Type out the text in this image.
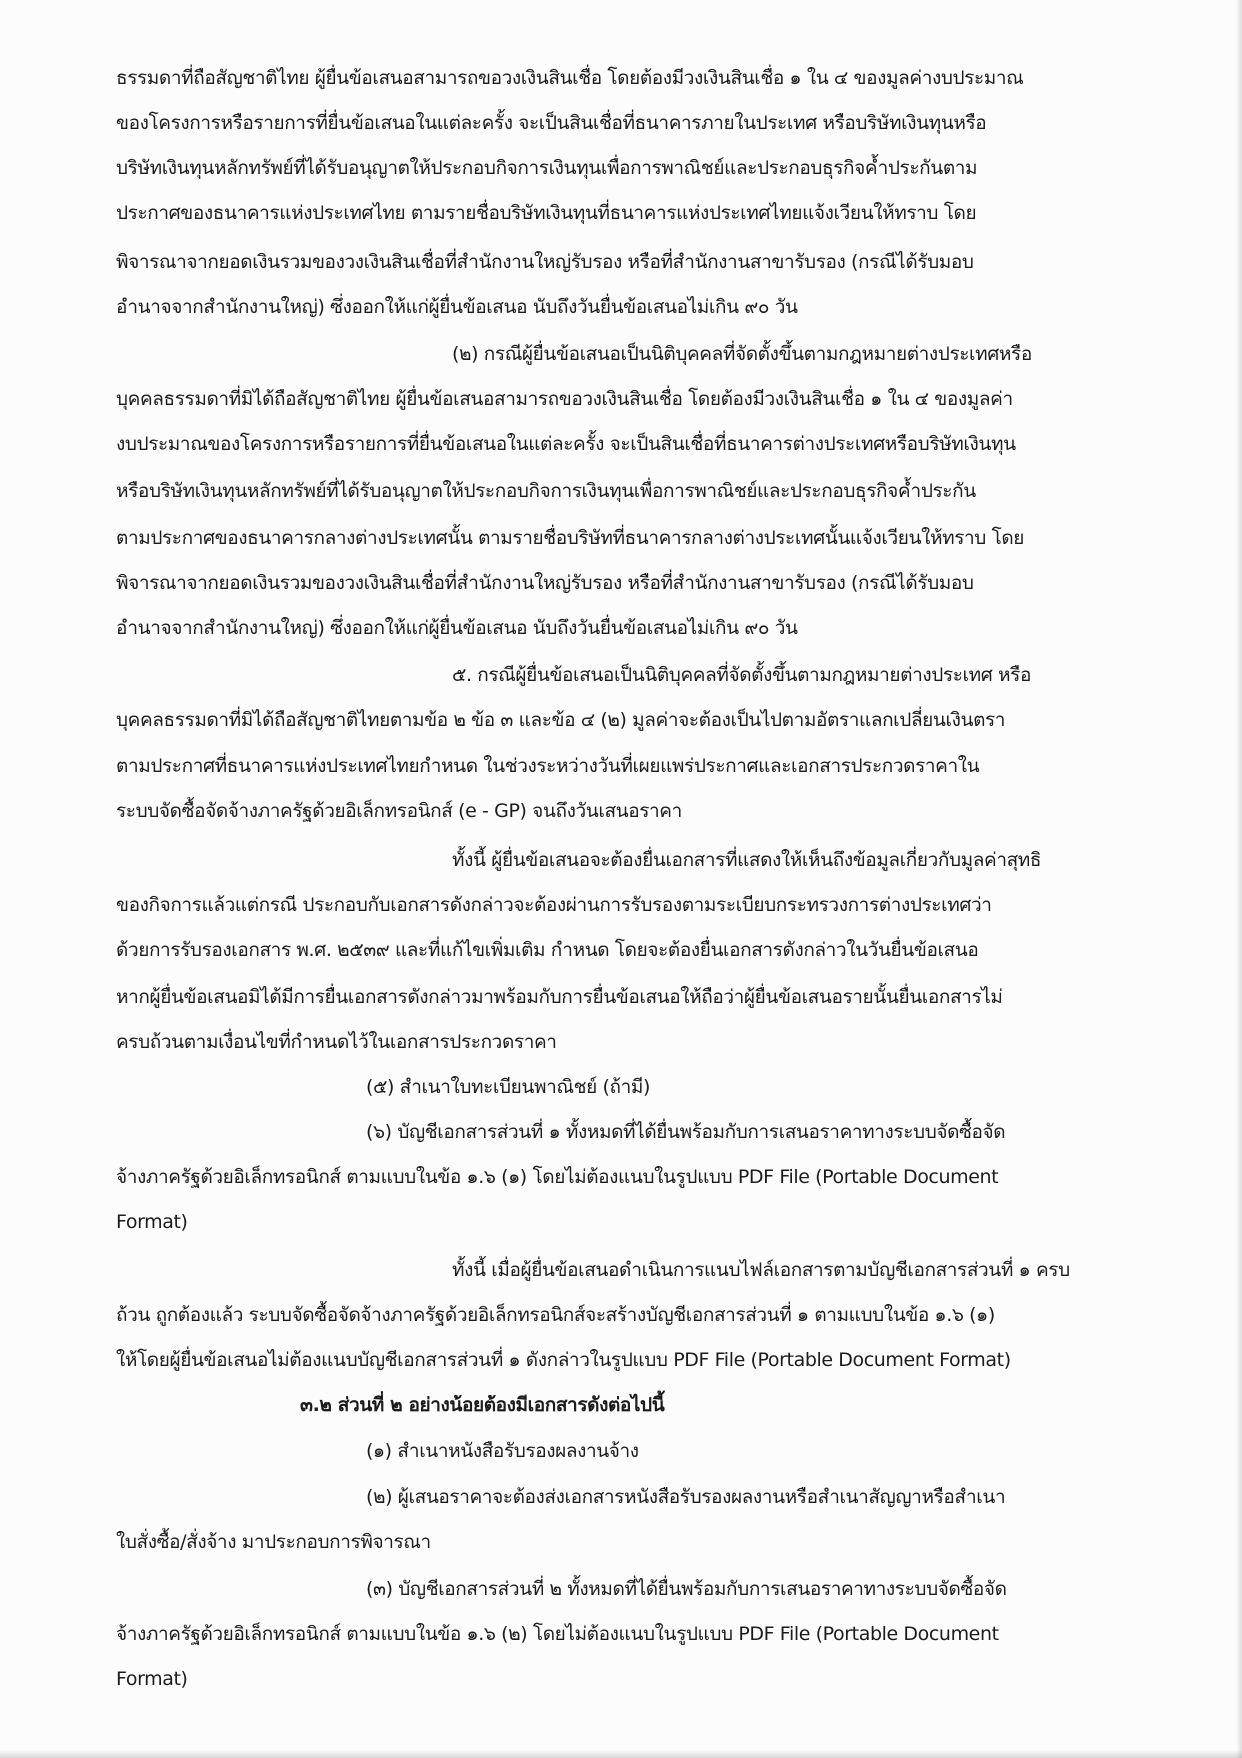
ธรรมดาที่ถือสัญชาติไทย ผู้ยื่นข้อเสนอสามารถขอวงเงินสินเชื่อ โดยต้องมีวงเงินสินเชื่อ ๑ ใน ๔ ของมูลค่างบประมาณ
ของโครงการหรือรายการที่ยื่นข้อเสนอในแต่ละครั้ง จะเป็นสินเชื่อที่ธนาคารภายในประเทศ หรือบริษัทเงินทุนหรือ
บริษัทเงินทุนหลักทรัพย์ที่ได้รับอนุญาตให้ประกอบกิจการเงินทุนเพื่อการพาณิชย์และประกอบธุรกิจค้ำประกันตาม
ประกาศของธนาคารแห่งประเทศไทย ตามรายชื่อบริษัทเงินทุนที่ธนาคารแห่งประเทศไทยแจ้งเวียนให้ทราบ โดย
พิจารณาจากยอดเงินรวมของวงเงินสินเชื่อที่สำนักงานใหญ่รับรอง หรือที่สำนักงานสาขารับรอง (กรณีได้รับมอบ
อำนาจจากสำนักงานใหญ่) ซึ่งออกให้แก่ผู้ยื่นข้อเสนอ นับถึงวันยื่นข้อเสนอไม่เกิน ๙๐ วัน
(๒) กรณีผู้ยื่นข้อเสนอเป็นนิติบุคคลที่จัดตั้งขึ้นตามกฎหมายต่างประเทศหรือ
บุคคลธรรมดาที่มิได้ถือสัญชาติไทย ผู้ยื่นข้อเสนอสามารถขอวงเงินสินเชื่อ โดยต้องมีวงเงินสินเชื่อ ๑ ใน ๔ ของมูลค่า
งบประมาณของโครงการหรือรายการที่ยื่นข้อเสนอในแต่ละครั้ง จะเป็นสินเชื่อที่ธนาคารต่างประเทศหรือบริษัทเงินทุน
หรือบริษัทเงินทุนหลักทรัพย์ที่ได้รับอนุญาตให้ประกอบกิจการเงินทุนเพื่อการพาณิชย์และประกอบธุรกิจค้ำประกัน
ตามประกาศของธนาคารกลางต่างประเทศนั้น ตามรายชื่อบริษัทที่ธนาคารกลางต่างประเทศนั้นแจ้งเวียนให้ทราบ โดย
พิจารณาจากยอดเงินรวมของวงเงินสินเชื่อที่สำนักงานใหญ่รับรอง หรือที่สำนักงานสาขารับรอง (กรณีได้รับมอบ
อำนาจจากสำนักงานใหญ่) ซึ่งออกให้แก่ผู้ยื่นข้อเสนอ นับถึงวันยื่นข้อเสนอไม่เกิน ๙๐ วัน
๕. กรณีผู้ยื่นข้อเสนอเป็นนิติบุคคลที่จัดตั้งขึ้นตามกฎหมายต่างประเทศ หรือ
บุคคลธรรมดาที่มิได้ถือสัญชาติไทยตามข้อ ๒ ข้อ ๓ และข้อ ๔ (๒) มูลค่าจะต้องเป็นไปตามอัตราแลกเปลี่ยนเงินตรา
ตามประกาศที่ธนาคารแห่งประเทศไทยกำหนด ในช่วงระหว่างวันที่เผยแพร่ประกาศและเอกสารประกวดราคาใน
ระบบจัดซื้อจัดจ้างภาครัฐด้วยอิเล็กทรอนิกส์ (e - GP) จนถึงวันเสนอราคา
ทั้งนี้ ผู้ยื่นข้อเสนอจะต้องยื่นเอกสารที่แสดงให้เห็นถึงข้อมูลเกี่ยวกับมูลค่าสุทธิ
ของกิจการแล้วแต่กรณี ประกอบกับเอกสารดังกล่าวจะต้องผ่านการรับรองตามระเบียบกระทรวงการต่างประเทศว่า
ด้วยการรับรองเอกสาร พ.ศ. ๒๕๓๙ และที่แก้ไขเพิ่มเติม กำหนด โดยจะต้องยื่นเอกสารดังกล่าวในวันยื่นข้อเสนอ
หากผู้ยื่นข้อเสนอมิได้มีการยื่นเอกสารดังกล่าวมาพร้อมกับการยื่นข้อเสนอให้ถือว่าผู้ยื่นข้อเสนอรายนั้นยื่นเอกสารไม่
ครบถ้วนตามเงื่อนไขที่กำหนดไว้ในเอกสารประกวดราคา
(๕) สำเนาใบทะเบียนพาณิชย์ (ถ้ามี)
(๖) บัญชีเอกสารส่วนที่ ๑ ทั้งหมดที่ได้ยื่นพร้อมกับการเสนอราคาทางระบบจัดซื้อจัด
จ้างภาครัฐด้วยอิเล็กทรอนิกส์ ตามแบบในข้อ ๑.๖ (๑) โดยไม่ต้องแนบในรูปแบบ PDF File (Portable Document
Format)
ทั้งนี้ เมื่อผู้ยื่นข้อเสนอดำเนินการแนบไฟล์เอกสารตามบัญชีเอกสารส่วนที่ ๑ ครบ
ถ้วน ถูกต้องแล้ว ระบบจัดซื้อจัดจ้างภาครัฐด้วยอิเล็กทรอนิกส์จะสร้างบัญชีเอกสารส่วนที่ ๑ ตามแบบในข้อ ๑.๖ (๑)
ให้โดยผู้ยื่นข้อเสนอไม่ต้องแนบบัญชีเอกสารส่วนที่ ๑ ดังกล่าวในรูปแบบ PDF File (Portable Document Format)
๓.๒ ส่วนที่ ๒ อย่างน้อยต้องมีเอกสารดังต่อไปนี้
(๑) สำเนาหนังสือรับรองผลงานจ้าง
(๒) ผู้เสนอราคาจะต้องส่งเอกสารหนังสือรับรองผลงานหรือสำเนาสัญญาหรือสำเนา
ใบสั่งซื้อ/สั่งจ้าง มาประกอบการพิจารณา
(๓) บัญชีเอกสารส่วนที่ ๒ ทั้งหมดที่ได้ยื่นพร้อมกับการเสนอราคาทางระบบจัดซื้อจัด
จ้างภาครัฐด้วยอิเล็กทรอนิกส์ ตามแบบในข้อ ๑.๖ (๒) โดยไม่ต้องแนบในรูปแบบ PDF File (Portable Document
Format)
